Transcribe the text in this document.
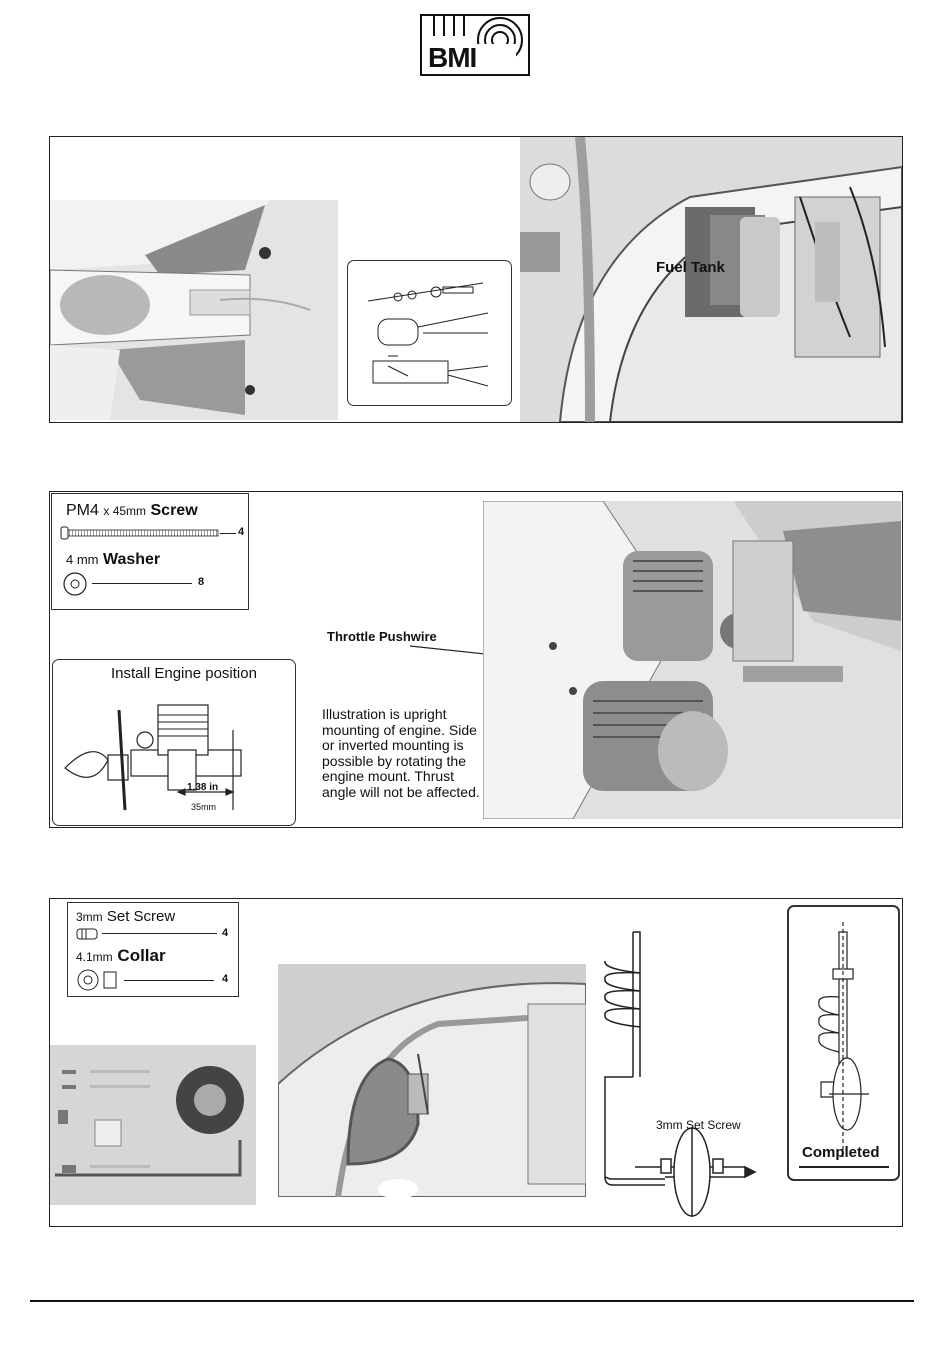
BMI
Fuel Tank
PM4 x 45mm Screw
4
4 mm Washer
8
Install Engine position
1.38 in
35mm
Throttle Pushwire
Illustration is upright mounting of engine. Side or inverted mounting is possible by rotating the engine mount. Thrust angle will not be affected.
3mm Set Screw
4
4.1mm Collar
4
3mm Set Screw
Completed
